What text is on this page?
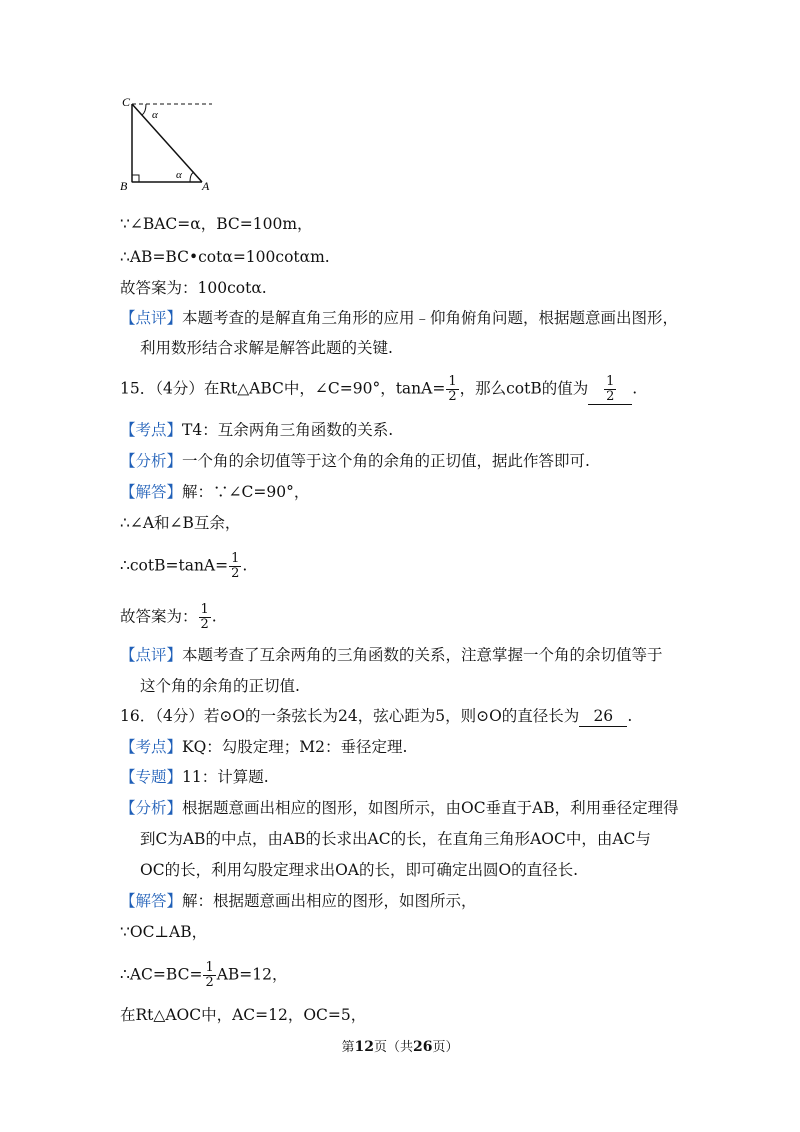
C
B	A
α
α
∵∠BAC=α，BC=100m，
∴AB=BC•cotα=100cotαm.
故答案为：100cotα.
【点评】本题考查的是解直角三角形的应用﹣仰角俯角问题，根据题意画出图形，
利用数形结合求解是解答此题的关键.
15．（4分）在Rt△ABC中，∠C=90°，$\tan A= \frac{1}{2}$ ，那么cotB的值为 $\frac{1}{2}$ .
【考点】T4：互余两角三角函数的关系.
【分析】一个角的余切值等于这个角的余角的正切值，据此作答即可.
【解答】解：∵∠C=90°，
∴∠A和∠B互余，
∴cotB=tanA= $\frac{1}{2}$ .
故答案为： $\frac{1}{2}$ .
【点评】本题考查了互余两角的三角函数的关系，注意掌握一个角的余切值等于
这个角的余角的正切值.
16．（4分）若⊙O的一条弦长为24，弦心距为5，则⊙O的直径长为 26 .
【考点】KQ：勾股定理；M2：垂径定理.
【专题】11：计算题.
【分析】根据题意画出相应的图形，如图所示，由OC垂直于AB，利用垂径定理得
到C为AB的中点，由AB的长求出AC的长，在直角三角形AOC中，由AC与
OC的长，利用勾股定理求出OA的长，即可确定出圆O的直径长.
【解答】解：根据题意画出相应的图形，如图所示，
∵OC⊥AB，
∴AC=BC= $\frac{1}{2} AB=12$，
在Rt△AOC中，AC=12，OC=5，
第12页（共26页）
